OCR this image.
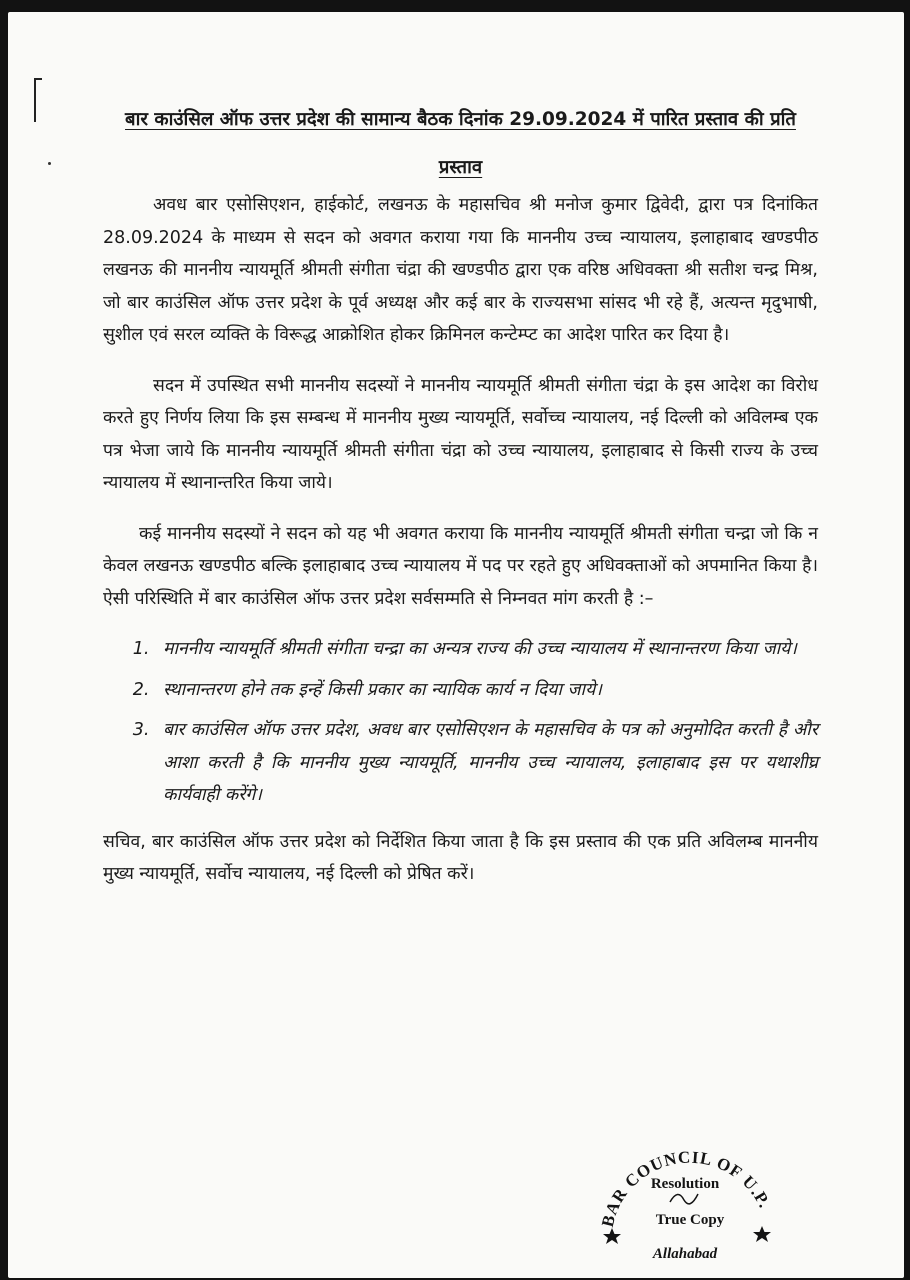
बार काउंसिल ऑफ उत्तर प्रदेश की सामान्य बैठक दिनांक 29.09.2024 में पारित प्रस्ताव की प्रति
प्रस्ताव

अवध बार एसोसिएशन, हाईकोर्ट, लखनऊ के महासचिव श्री मनोज कुमार द्विवेदी, द्वारा पत्र दिनांकित 28.09.2024 के माध्यम से सदन को अवगत कराया गया कि माननीय उच्च न्यायालय, इलाहाबाद खण्डपीठ लखनऊ की माननीय न्यायमूर्ति श्रीमती संगीता चंद्रा की खण्डपीठ द्वारा एक वरिष्ठ अधिवक्ता श्री सतीश चन्द्र मिश्र, जो बार काउंसिल ऑफ उत्तर प्रदेश के पूर्व अध्यक्ष और कई बार के राज्यसभा सांसद भी रहे हैं, अत्यन्त मृदुभाषी, सुशील एवं सरल व्यक्ति के विरूद्ध आक्रोशित होकर क्रिमिनल कन्टेम्प्ट का आदेश पारित कर दिया है।

सदन में उपस्थित सभी माननीय सदस्यों ने माननीय न्यायमूर्ति श्रीमती संगीता चंद्रा के इस आदेश का विरोध करते हुए निर्णय लिया कि इस सम्बन्ध में माननीय मुख्य न्यायमूर्ति, सर्वोच्च न्यायालय, नई दिल्ली को अविलम्ब एक पत्र भेजा जाये कि माननीय न्यायमूर्ति श्रीमती संगीता चंद्रा को उच्च न्यायालय, इलाहाबाद से किसी राज्य के उच्च न्यायालय में स्थानान्तरित किया जाये।

कई माननीय सदस्यों ने सदन को यह भी अवगत कराया कि माननीय न्यायमूर्ति श्रीमती संगीता चन्द्रा जो कि न केवल लखनऊ खण्डपीठ बल्कि इलाहाबाद उच्च न्यायालय में पद पर रहते हुए अधिवक्ताओं को अपमानित किया है। ऐसी परिस्थिति में बार काउंसिल ऑफ उत्तर प्रदेश सर्वसम्मति से निम्नवत मांग करती है :–

1. माननीय न्यायमूर्ति श्रीमती संगीता चन्द्रा का अन्यत्र राज्य की उच्च न्यायालय में स्थानान्तरण किया जाये।
2. स्थानान्तरण होने तक इन्हें किसी प्रकार का न्यायिक कार्य न दिया जाये।
3. बार काउंसिल ऑफ उत्तर प्रदेश, अवध बार एसोसिएशन के महासचिव के पत्र को अनुमोदित करती है और आशा करती है कि माननीय मुख्य न्यायमूर्ति, माननीय उच्च न्यायालय, इलाहाबाद इस पर यथाशीघ्र कार्यवाही करेंगे।

सचिव, बार काउंसिल ऑफ उत्तर प्रदेश को निर्देशित किया जाता है कि इस प्रस्ताव की एक प्रति अविलम्ब माननीय मुख्य न्यायमूर्ति, सर्वोच न्यायालय, नई दिल्ली को प्रेषित करें।

BAR COUNCIL OF U.P.
Resolution
True Copy
Allahabad
